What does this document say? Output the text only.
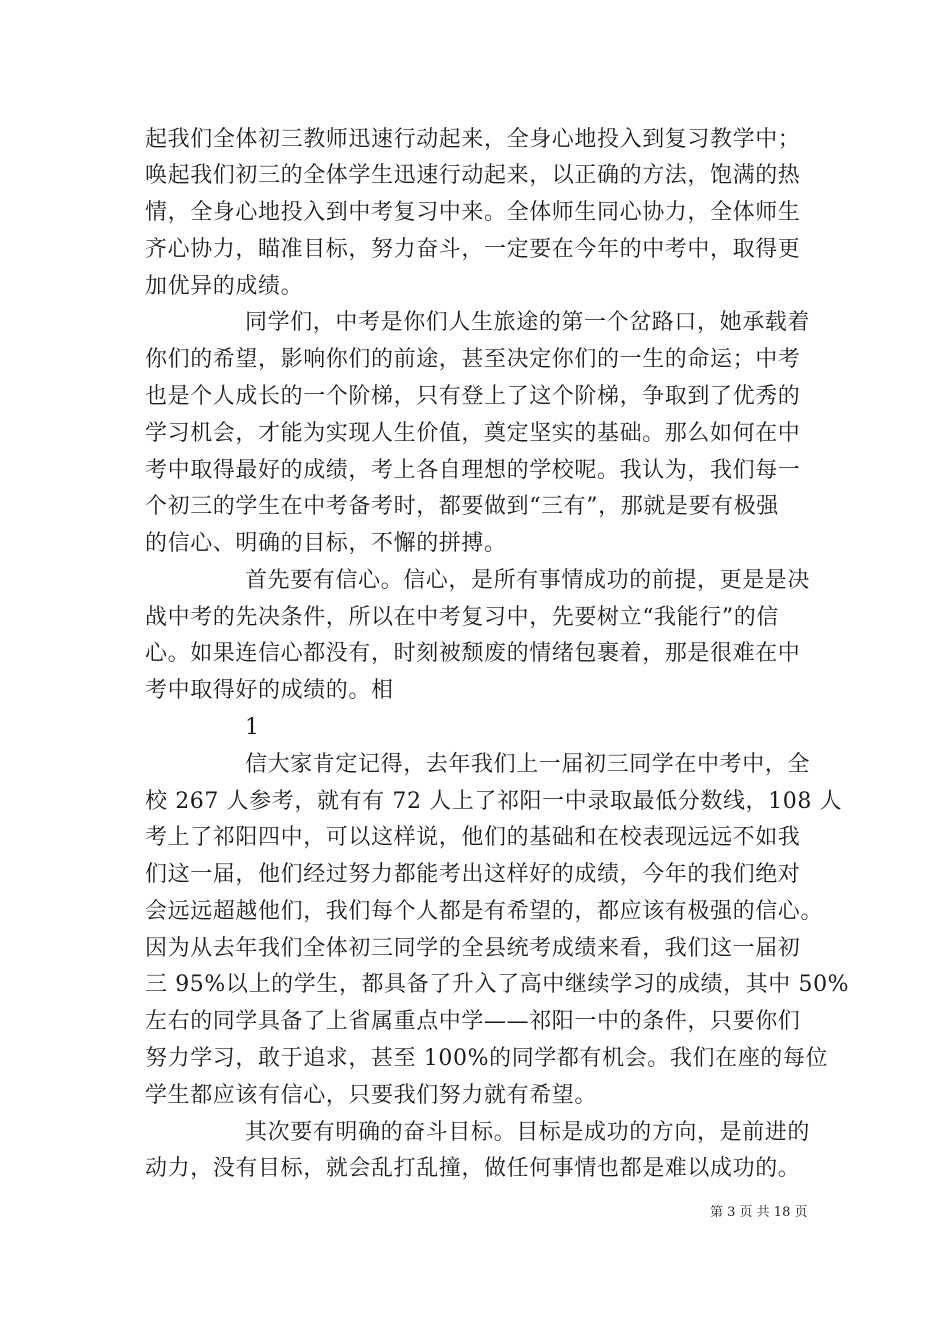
起我们全体初三教师迅速行动起来，全身心地投入到复习教学中；
唤起我们初三的全体学生迅速行动起来，以正确的方法，饱满的热
情，全身心地投入到中考复习中来。全体师生同心协力，全体师生
齐心协力，瞄准目标，努力奋斗，一定要在今年的中考中，取得更
加优异的成绩。
同学们，中考是你们人生旅途的第一个岔路口，她承载着
你们的希望，影响你们的前途，甚至决定你们的一生的命运；中考
也是个人成长的一个阶梯，只有登上了这个阶梯，争取到了优秀的
学习机会，才能为实现人生价值，奠定坚实的基础。那么如何在中
考中取得最好的成绩，考上各自理想的学校呢。我认为，我们每一
个初三的学生在中考备考时，都要做到“三有”，那就是要有极强
的信心、明确的目标，不懈的拼搏。
首先要有信心。信心，是所有事情成功的前提，更是是决
战中考的先决条件，所以在中考复习中，先要树立“我能行”的信
心。如果连信心都没有，时刻被颓废的情绪包裹着，那是很难在中
考中取得好的成绩的。相
1
信大家肯定记得，去年我们上一届初三同学在中考中，全
校 267 人参考，就有有 72 人上了祁阳一中录取最低分数线，108 人
考上了祁阳四中，可以这样说，他们的基础和在校表现远远不如我
们这一届，他们经过努力都能考出这样好的成绩，今年的我们绝对
会远远超越他们，我们每个人都是有希望的，都应该有极强的信心。
因为从去年我们全体初三同学的全县统考成绩来看，我们这一届初
三 95%以上的学生，都具备了升入了高中继续学习的成绩，其中 50%
左右的同学具备了上省属重点中学——祁阳一中的条件，只要你们
努力学习，敢于追求，甚至 100%的同学都有机会。我们在座的每位
学生都应该有信心，只要我们努力就有希望。
其次要有明确的奋斗目标。目标是成功的方向，是前进的
动力，没有目标，就会乱打乱撞，做任何事情也都是难以成功的。
第 3 页 共 18 页
